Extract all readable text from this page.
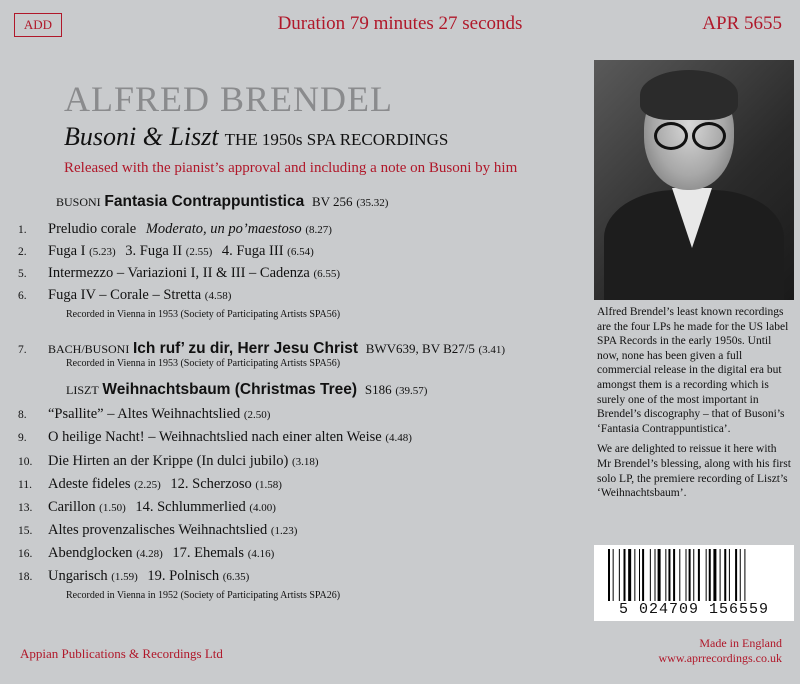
ADD	Duration 79 minutes 27 seconds	APR 5655
ALFRED BRENDEL
Busoni & Liszt THE 1950s SPA RECORDINGS
Released with the pianist’s approval and including a note on Busoni by him
BUSONI Fantasia Contrappuntistica BV 256 (35.32)
1. Preludio corale Moderato, un po’maestoso (8.27)
2. Fuga I (5.23) 3. Fuga II (2.55) 4. Fuga III (6.54)
5. Intermezzo – Variazioni I, II & III – Cadenza (6.55)
6. Fuga IV – Corale – Stretta (4.58)
Recorded in Vienna in 1953 (Society of Participating Artists SPA56)
7. BACH/BUSONI Ich ruf’ zu dir, Herr Jesu Christ BWV639, BV B27/5 (3.41)
Recorded in Vienna in 1953 (Society of Participating Artists SPA56)
LISZT Weihnachtsbaum (Christmas Tree) S186 (39.57)
8. “Psallite” – Altes Weihnachtslied (2.50)
9. O heilige Nacht! – Weihnachtslied nach einer alten Weise (4.48)
10. Die Hirten an der Krippe (In dulci jubilo) (3.18)
11. Adeste fideles (2.25) 12. Scherzoso (1.58)
13. Carillon (1.50) 14. Schlummerlied (4.00)
15. Altes provenzalisches Weihnachtslied (1.23)
16. Abendglocken (4.28) 17. Ehemals (4.16)
18. Ungarisch (1.59) 19. Polnisch (6.35)
Recorded in Vienna in 1952 (Society of Participating Artists SPA26)

Alfred Brendel’s least known recordings are the four LPs he made for the US label SPA Records in the early 1950s. Until now, none has been given a full commercial release in the digital era but amongst them is a recording which is surely one of the most important in Brendel’s discography – that of Busoni’s ‘Fantasia Contrappuntistica’.

We are delighted to reissue it here with Mr Brendel’s blessing, along with his first solo LP, the premiere recording of Liszt’s ‘Weihnachtsbaum’.

5 024709 156559
Appian Publications & Recordings Ltd
Made in England
www.aprrecordings.co.uk
